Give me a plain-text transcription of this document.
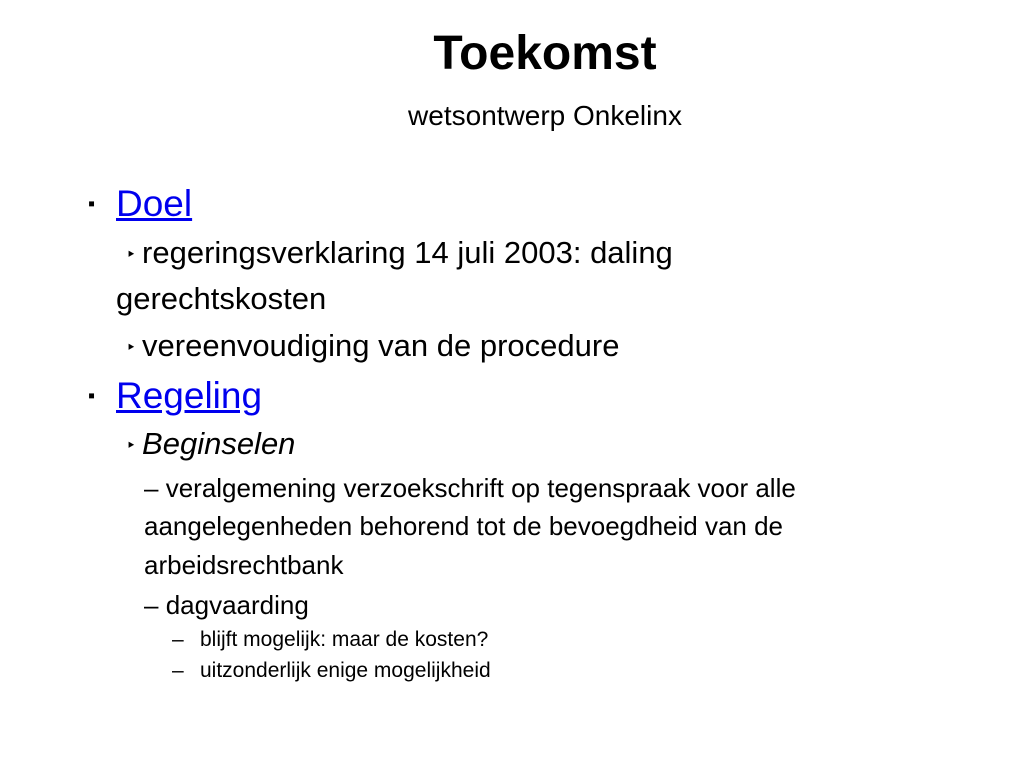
Toekomst
wetsontwerp Onkelinx
▪ Doel
‣ regeringsverklaring 14 juli 2003: daling
gerechtskosten
‣ vereenvoudiging van de procedure
▪ Regeling
‣ Beginselen
– veralgemening verzoekschrift op tegenspraak voor alle
aangelegenheden behorend tot de bevoegdheid van de
arbeidsrechtbank
– dagvaarding
– blijft mogelijk: maar de kosten?
– uitzonderlijk enige mogelijkheid
